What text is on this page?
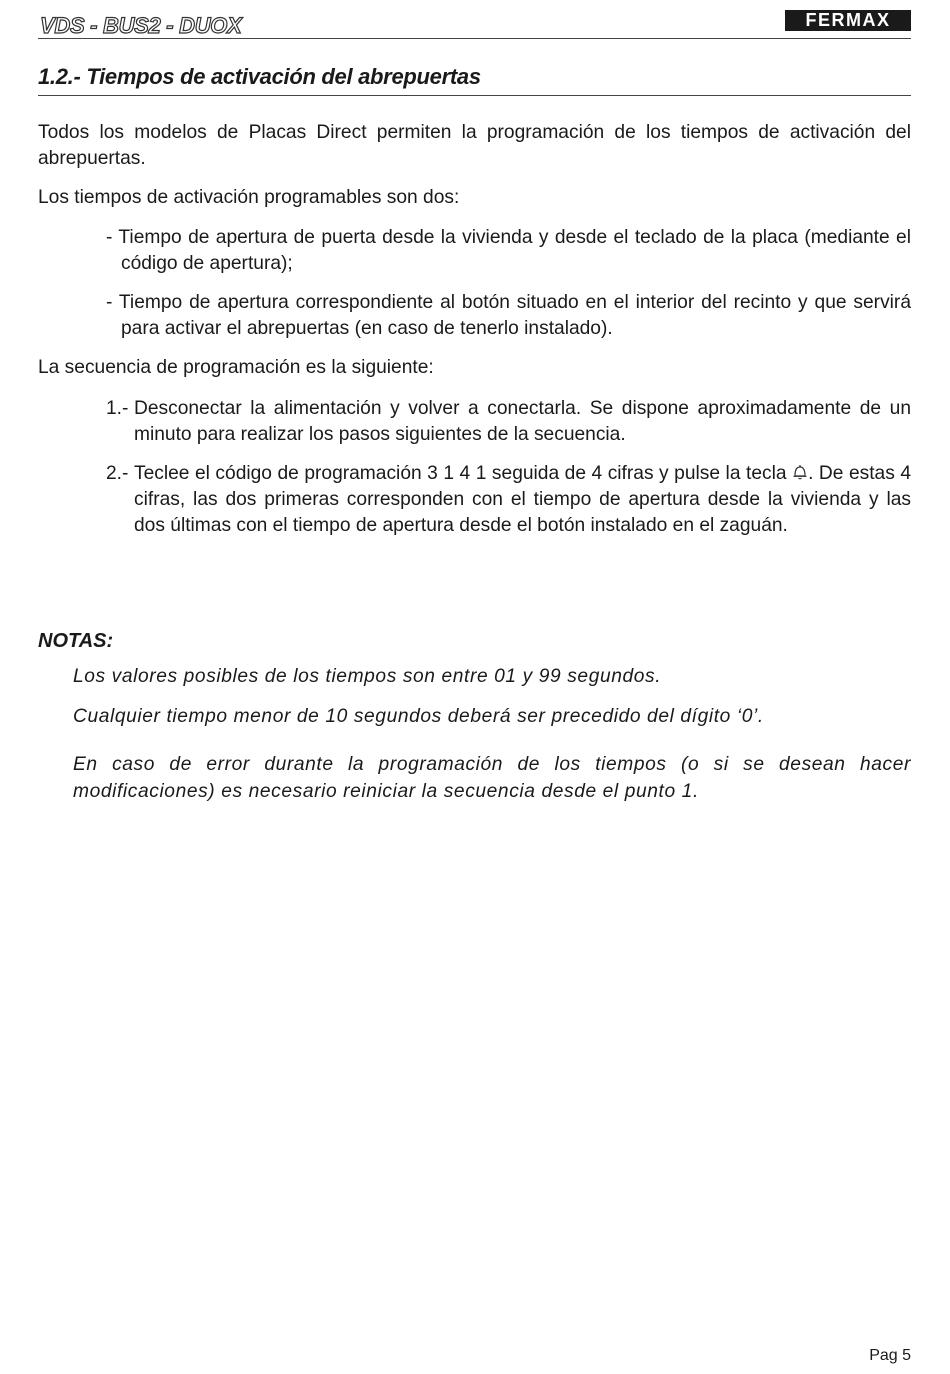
VDS - BUS2 - DUOX	FERMAX
1.2.- Tiempos de activación del abrepuertas

Todos los modelos de Placas Direct permiten la programación de los tiempos de activación del abrepuertas.

Los tiempos de activación programables son dos:

- Tiempo de apertura de puerta desde la vivienda y desde el teclado de la placa (mediante el código de apertura);

- Tiempo de apertura correspondiente al botón situado en el interior del recinto y que servirá para activar el abrepuertas (en caso de tenerlo instalado).

La secuencia de programación es la siguiente:

1.- Desconectar la alimentación y volver a conectarla. Se dispone aproximadamente de un minuto para realizar los pasos siguientes de la secuencia.
2.- Teclee el código de programación 3 1 4 1 seguida de 4 cifras y pulse la tecla . De estas 4 cifras, las dos primeras corresponden con el tiempo de apertura desde la vivienda y las dos últimas con el tiempo de apertura desde el botón instalado en el zaguán.
NOTAS:

Los valores posibles de los tiempos son entre 01 y 99 segundos.

Cualquier tiempo menor de 10 segundos deberá ser precedido del dígito ‘0’.

En caso de error durante la programación de los tiempos (o si se desean hacer modificaciones) es necesario reiniciar la secuencia desde el punto 1.

Pag 5
